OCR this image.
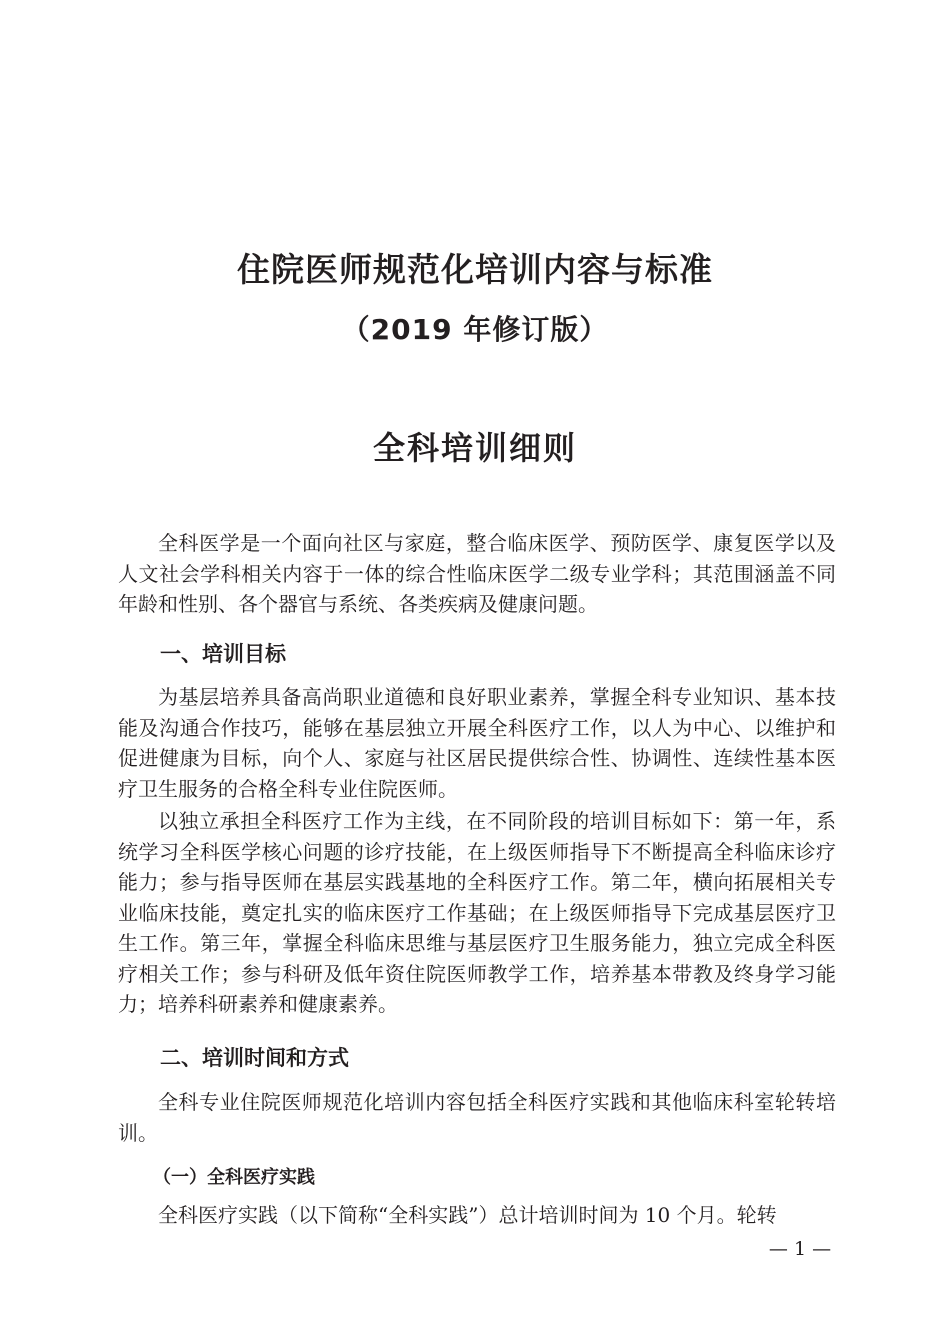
住院医师规范化培训内容与标准
（2019 年修订版）
全科培训细则

全科医学是一个面向社区与家庭，整合临床医学、预防医学、康复医学以及人文社会学科相关内容于一体的综合性临床医学二级专业学科；其范围涵盖不同年龄和性别、各个器官与系统、各类疾病及健康问题。

一、培训目标

为基层培养具备高尚职业道德和良好职业素养，掌握全科专业知识、基本技能及沟通合作技巧，能够在基层独立开展全科医疗工作，以人为中心、以维护和促进健康为目标，向个人、家庭与社区居民提供综合性、协调性、连续性基本医疗卫生服务的合格全科专业住院医师。

以独立承担全科医疗工作为主线，在不同阶段的培训目标如下：第一年，系统学习全科医学核心问题的诊疗技能，在上级医师指导下不断提高全科临床诊疗能力；参与指导医师在基层实践基地的全科医疗工作。第二年，横向拓展相关专业临床技能，奠定扎实的临床医疗工作基础；在上级医师指导下完成基层医疗卫生工作。第三年，掌握全科临床思维与基层医疗卫生服务能力，独立完成全科医疗相关工作；参与科研及低年资住院医师教学工作，培养基本带教及终身学习能力；培养科研素养和健康素养。

二、培训时间和方式

全科专业住院医师规范化培训内容包括全科医疗实践和其他临床科室轮转培训。

（一）全科医疗实践

全科医疗实践（以下简称“全科实践”）总计培训时间为 10 个月。轮转

— 1 —
